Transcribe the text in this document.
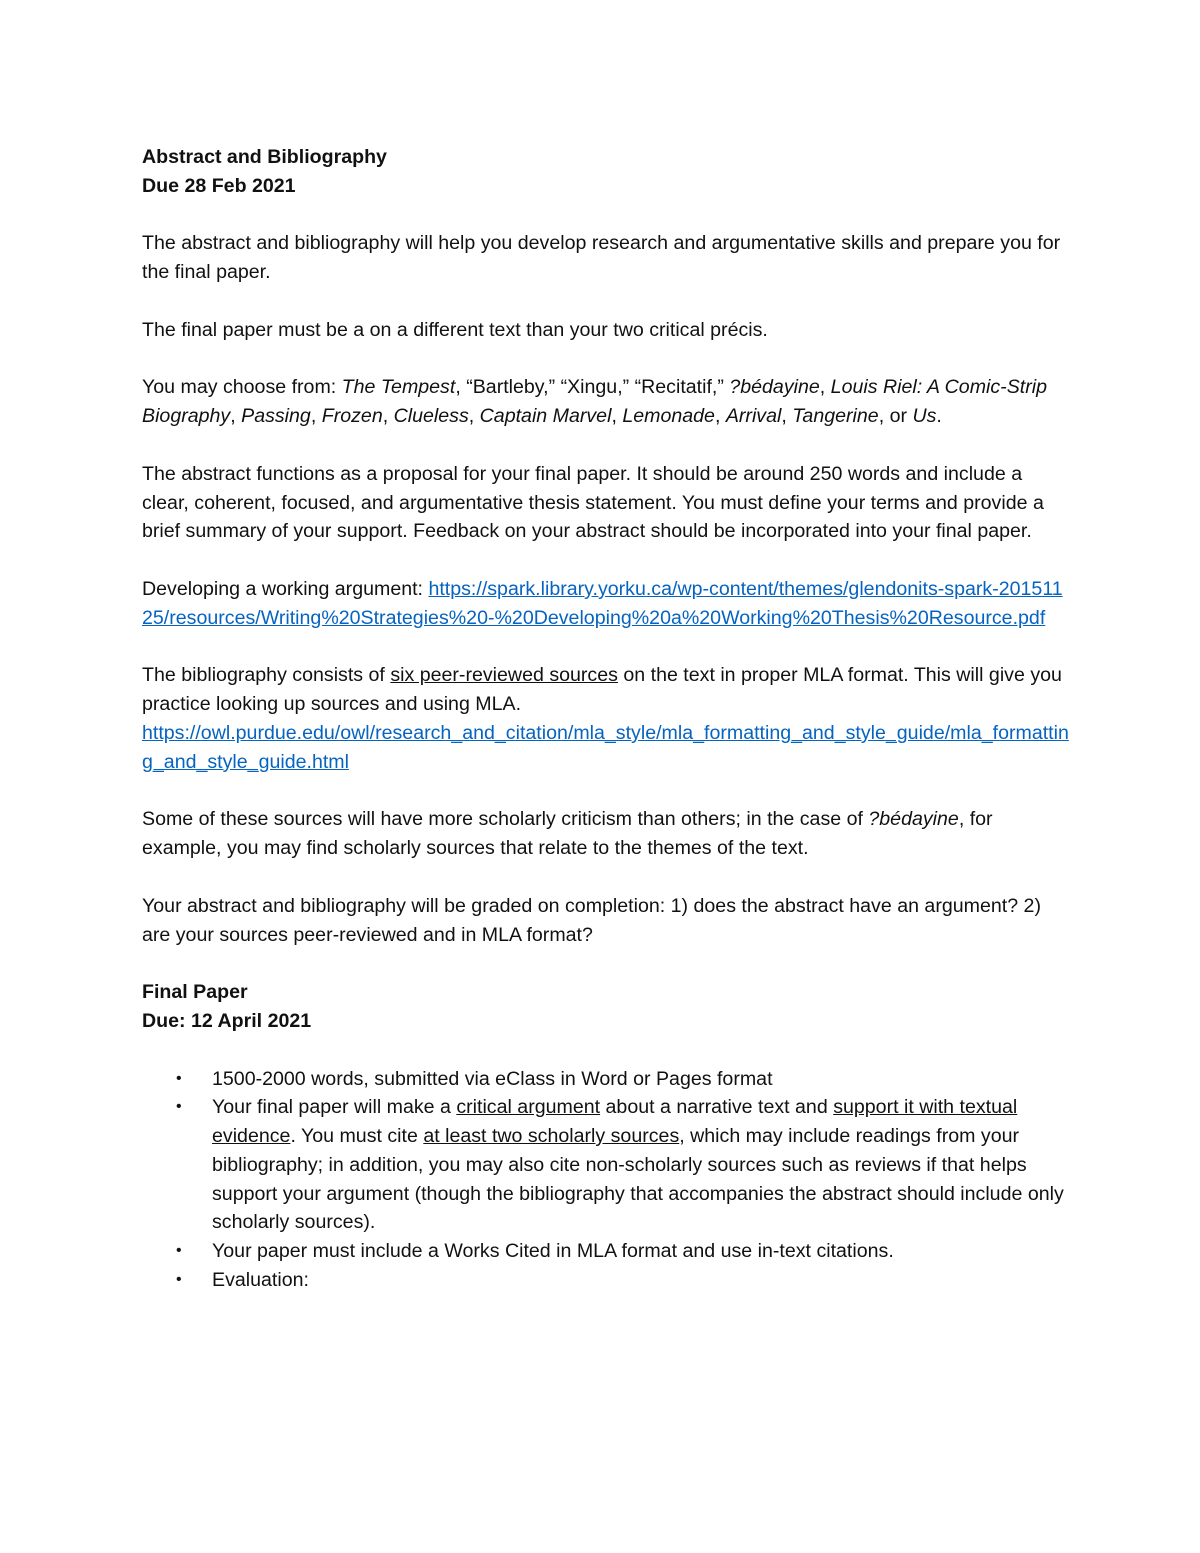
Abstract and Bibliography

Due 28 Feb 2021

The abstract and bibliography will help you develop research and argumentative skills and prepare you for the final paper.

The final paper must be a on a different text than your two critical précis.

You may choose from: The Tempest, “Bartleby,” “Xingu,” “Recitatif,” ?bédayine, Louis Riel: A Comic-Strip Biography, Passing, Frozen, Clueless, Captain Marvel, Lemonade, Arrival, Tangerine, or Us.

The abstract functions as a proposal for your final paper. It should be around 250 words and include a clear, coherent, focused, and argumentative thesis statement. You must define your terms and provide a brief summary of your support. Feedback on your abstract should be incorporated into your final paper.

Developing a working argument: https://spark.library.yorku.ca/wp-content/themes/glendonits-spark-20151125/resources/Writing%20Strategies%20-%20Developing%20a%20Working%20Thesis%20Resource.pdf

The bibliography consists of six peer-reviewed sources on the text in proper MLA format. This will give you practice looking up sources and using MLA.
https://owl.purdue.edu/owl/research_and_citation/mla_style/mla_formatting_and_style_guide/mla_formatting_and_style_guide.html

Some of these sources will have more scholarly criticism than others; in the case of ?bédayine, for example, you may find scholarly sources that relate to the themes of the text.

Your abstract and bibliography will be graded on completion: 1) does the abstract have an argument? 2) are your sources peer-reviewed and in MLA format?

Final Paper

Due: 12 April 2021

• 1500-2000 words, submitted via eClass in Word or Pages format
• Your final paper will make a critical argument about a narrative text and support it with textual evidence. You must cite at least two scholarly sources, which may include readings from your bibliography; in addition, you may also cite non-scholarly sources such as reviews if that helps support your argument (though the bibliography that accompanies the abstract should include only scholarly sources).
• Your paper must include a Works Cited in MLA format and use in-text citations.
• Evaluation:
